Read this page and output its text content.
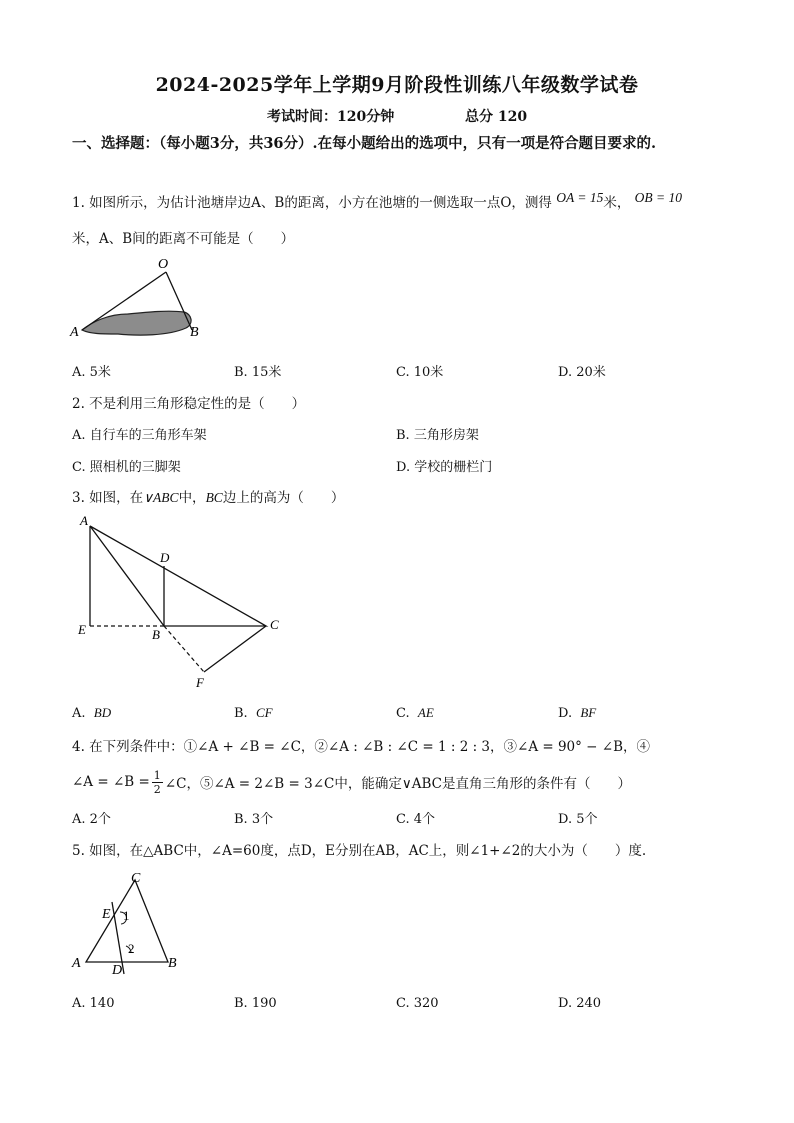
2024-2025学年上学期9月阶段性训练八年级数学试卷
考试时间：120分钟	总分 120
一、选择题：（每小题3分，共36分）.在每小题给出的选项中，只有一项是符合题目要求的.
1. 如图所示，为估计池塘岸边A、B的距离，小方在池塘的一侧选取一点O，测得 OA = 15米， OB = 10
米，A、B间的距离不可能是（　　）
O
A	B
A. 5米	B. 15米	C. 10米	D. 20米
2. 不是利用三角形稳定性的是（　　）
A. 自行车的三角形车架	B. 三角形房架
C. 照相机的三脚架	D. 学校的栅栏门
3. 如图，在∨ABC中，BC边上的高为（　　）
A
D
E	B
C
F
A. BD	B. CF	C. AE	D. BF
4. 在下列条件中：①∠A + ∠B = ∠C，②∠A : ∠B : ∠C = 1 : 2 : 3，③∠A = 90° − ∠B，④
∠A = ∠B = $\frac{1}{2}$ ∠C，⑤∠A = 2∠B = 3∠C中，能确定∨ABC是直角三角形的条件有（　　）
A. 2个	B. 3个	C. 4个	D. 5个
5. 如图，在△ABC中，∠A=60度，点D，E分别在AB，AC上，则∠1+∠2的大小为（　　）度.
C
E 1
2
A D	B
A. 140	B. 190	C. 320	D. 240
